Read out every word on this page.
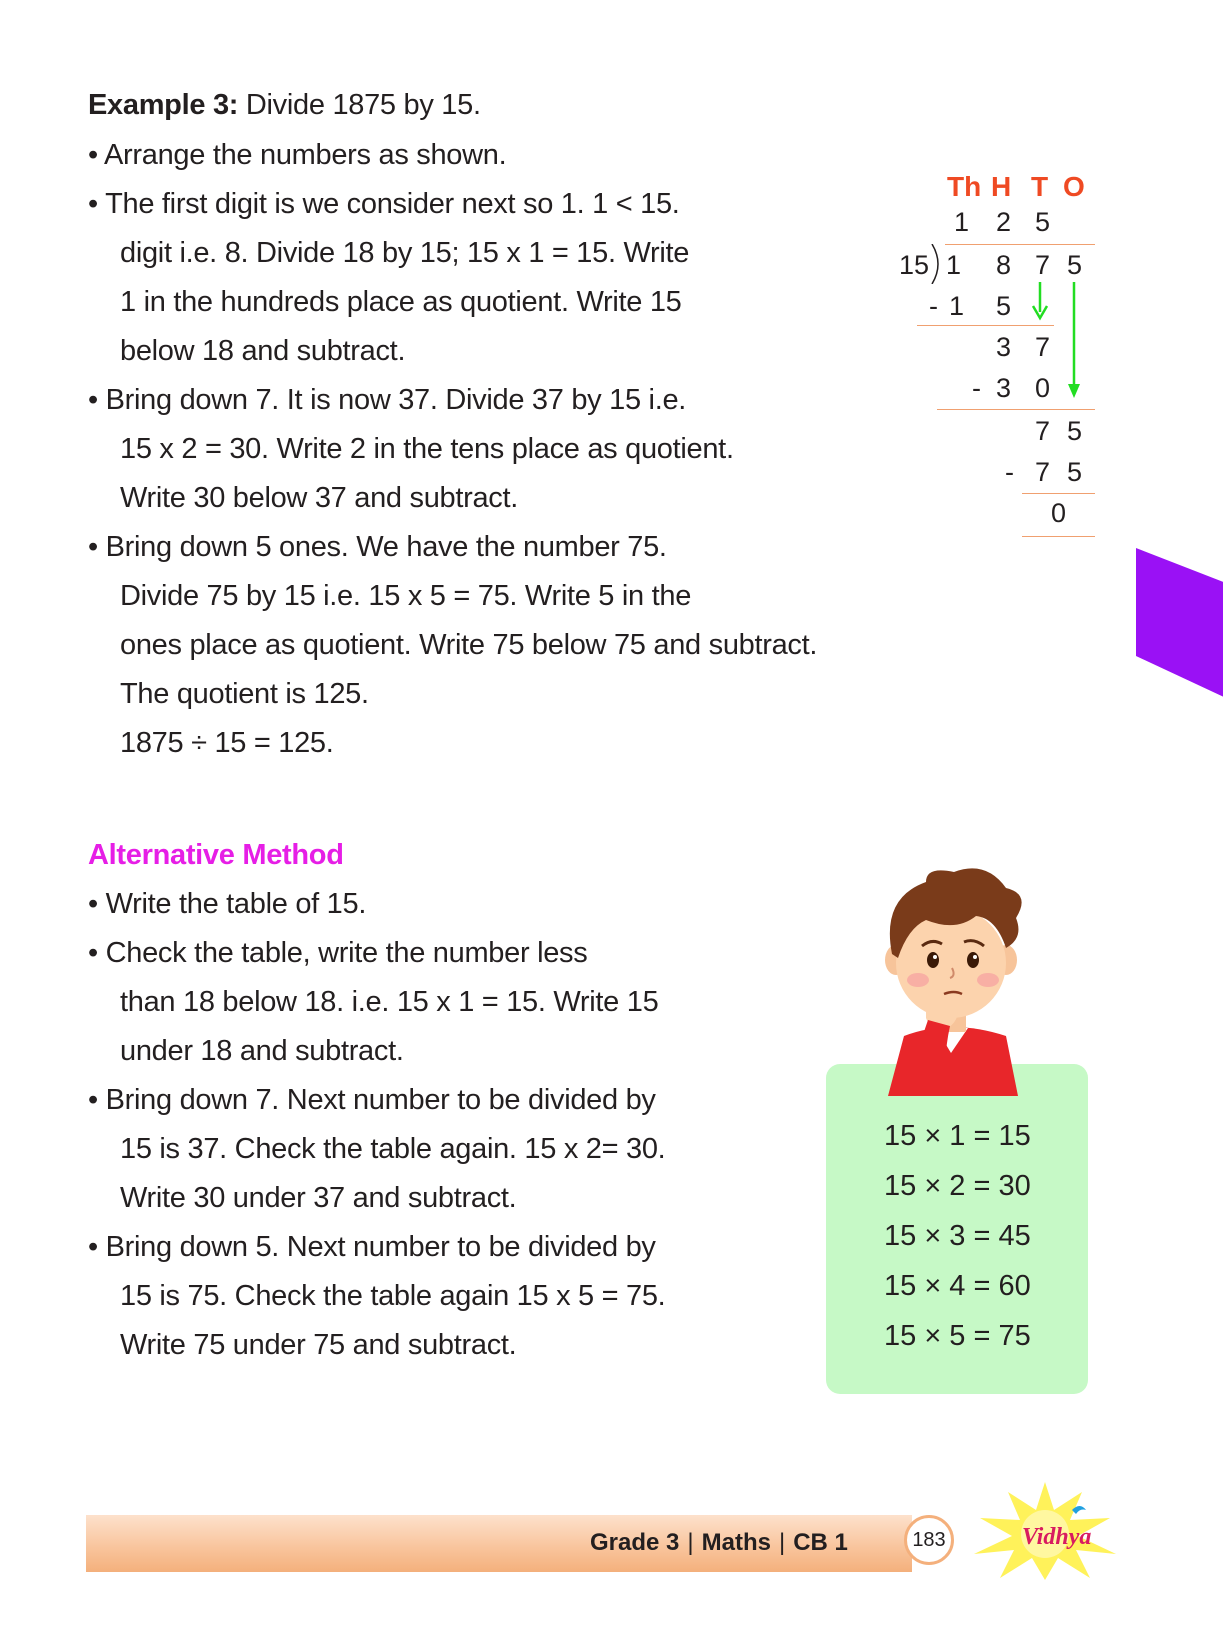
Example 3: Divide 1875 by 15.
• Arrange the numbers as shown.
• The first digit is we consider next so 1. 1 < 15.
digit i.e. 8. Divide 18 by 15; 15 x 1 = 15. Write
1 in the hundreds place as quotient. Write 15
below 18 and subtract.
• Bring down 7. It is now 37. Divide 37 by 15 i.e.
15 x 2 = 30. Write 2 in the tens place as quotient.
Write 30 below 37 and subtract.
• Bring down 5 ones. We have the number 75.
Divide 75 by 15 i.e. 15 x 5 = 75. Write 5 in the
ones place as quotient. Write 75 below 75 and subtract.
The quotient is 125.
1875 ÷ 15 = 125.
Th H T O
1 2 5
15 1 8 7 5
- 1 5
3 7
- 3 0
7 5
- 7 5
0
Alternative Method
• Write the table of 15.
• Check the table, write the number less
than 18 below 18. i.e. 15 x 1 = 15. Write 15
under 18 and subtract.
• Bring down 7. Next number to be divided by
15 is 37. Check the table again. 15 x 2= 30.
Write 30 under 37 and subtract.
• Bring down 5. Next number to be divided by
15 is 75. Check the table again 15 x 5 = 75.
Write 75 under 75 and subtract.
15 × 1 = 15
15 × 2 = 30
15 × 3 = 45
15 × 4 = 60
15 × 5 = 75
Grade 3 | Maths | CB 1	183	Vidhya
